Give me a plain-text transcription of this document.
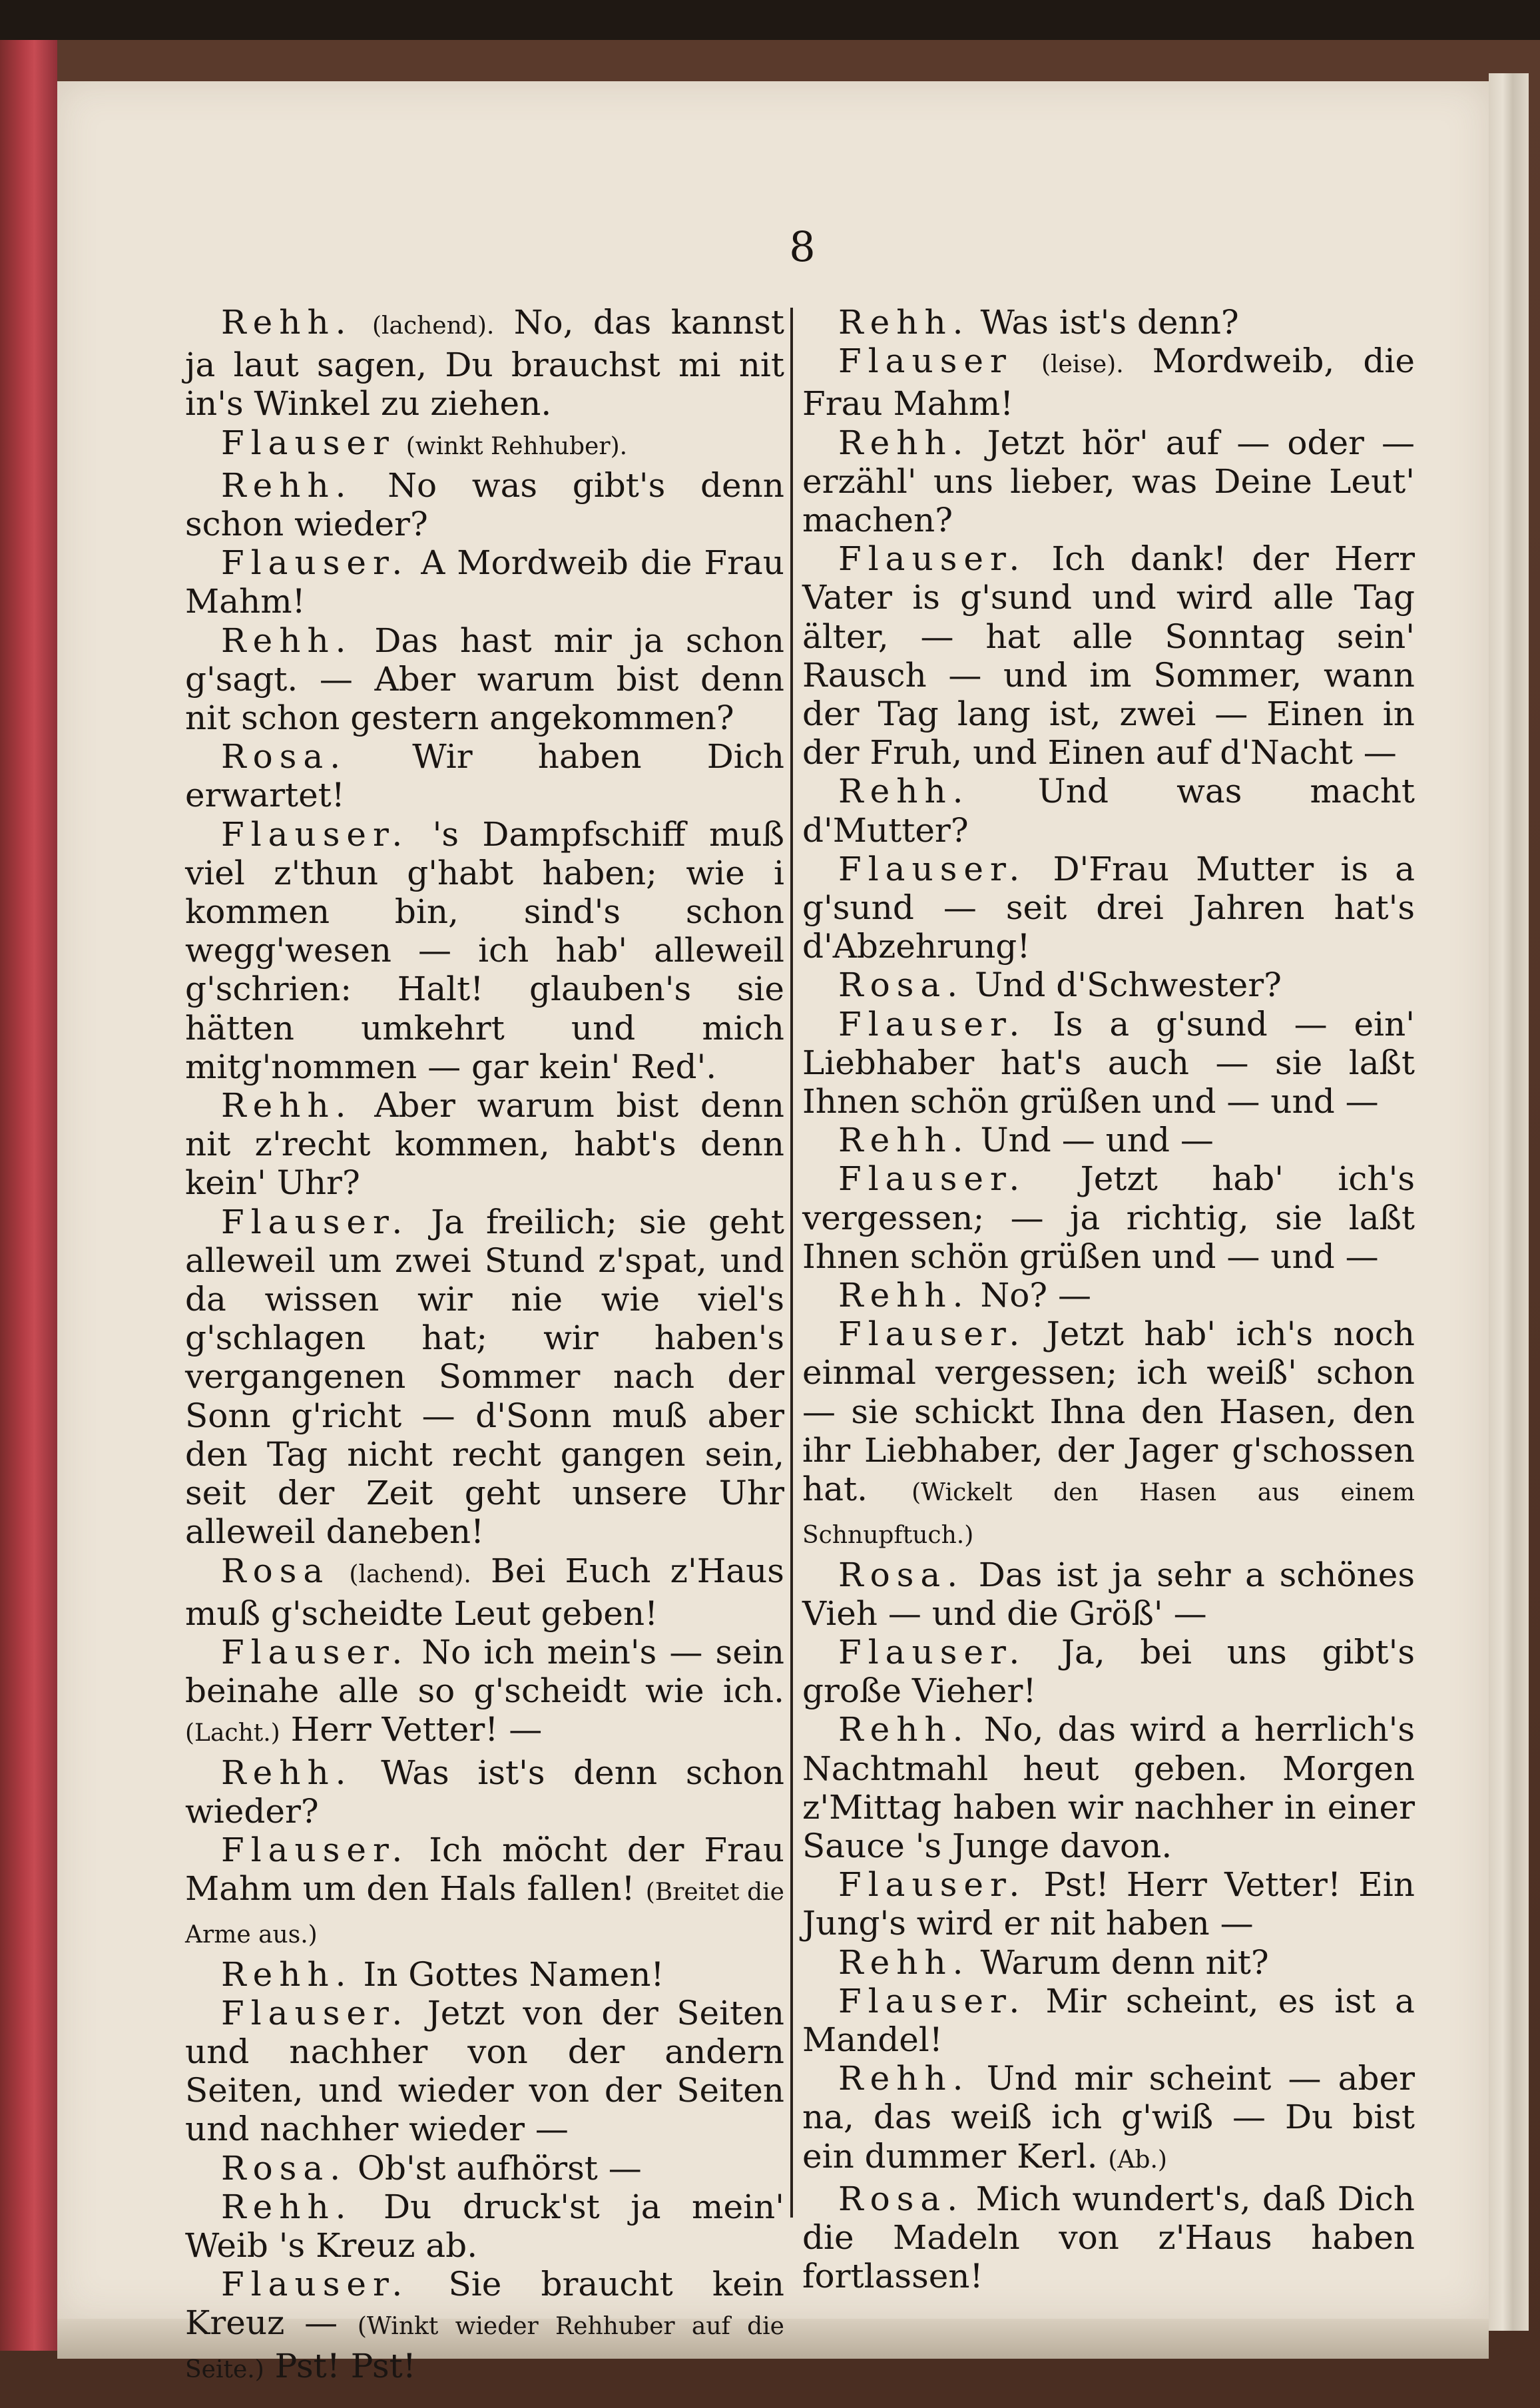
8

Rehh. (lachend). No, das kannst ja laut sagen, Du brauchst mi nit in's Winkel zu ziehen.

Flauser (winkt Rehhuber).

Rehh. No was gibt's denn schon wieder?

Flauser. A Mordweib die Frau Mahm!

Rehh. Das hast mir ja schon g'sagt. — Aber warum bist denn nit schon gestern angekommen?

Rosa. Wir haben Dich erwartet!

Flauser. 's Dampfschiff muß viel z'thun g'habt haben; wie i kommen bin, sind's schon wegg'wesen — ich hab' alleweil g'schrien: Halt! glauben's sie hätten umkehrt und mich mitg'nommen — gar kein' Red'.

Rehh. Aber warum bist denn nit z'recht kommen, habt's denn kein' Uhr?

Flauser. Ja freilich; sie geht alleweil um zwei Stund z'spat, und da wissen wir nie wie viel's g'schlagen hat; wir haben's vergangenen Sommer nach der Sonn g'richt — d'Sonn muß aber den Tag nicht recht gangen sein, seit der Zeit geht unsere Uhr alleweil daneben!

Rosa (lachend). Bei Euch z'Haus muß g'scheidte Leut geben!

Flauser. No ich mein's — sein beinahe alle so g'scheidt wie ich. (Lacht.) Herr Vetter! —

Rehh. Was ist's denn schon wieder?

Flauser. Ich möcht der Frau Mahm um den Hals fallen! (Breitet die Arme aus.)

Rehh. In Gottes Namen!

Flauser. Jetzt von der Seiten und nachher von der andern Seiten, und wieder von der Seiten und nachher wieder —

Rosa. Ob'st aufhörst —

Rehh. Du druck'st ja mein' Weib 's Kreuz ab.

Flauser. Sie braucht kein Kreuz — (Winkt wieder Rehhuber auf die Seite.) Pst! Pst!

Rehh. Was ist's denn?

Flauser (leise). Mordweib, die Frau Mahm!

Rehh. Jetzt hör' auf — oder — erzähl' uns lieber, was Deine Leut' machen?

Flauser. Ich dank! der Herr Vater is g'sund und wird alle Tag älter, — hat alle Sonntag sein' Rausch — und im Sommer, wann der Tag lang ist, zwei — Einen in der Fruh, und Einen auf d'Nacht —

Rehh. Und was macht d'Mutter?

Flauser. D'Frau Mutter is a g'sund — seit drei Jahren hat's d'Abzehrung!

Rosa. Und d'Schwester?

Flauser. Is a g'sund — ein' Liebhaber hat's auch — sie laßt Ihnen schön grüßen und — und —

Rehh. Und — und —

Flauser. Jetzt hab' ich's vergessen; — ja richtig, sie laßt Ihnen schön grüßen und — und —

Rehh. No? —

Flauser. Jetzt hab' ich's noch einmal vergessen; ich weiß' schon — sie schickt Ihna den Hasen, den ihr Liebhaber, der Jager g'schossen hat. (Wickelt den Hasen aus einem Schnupftuch.)

Rosa. Das ist ja sehr a schönes Vieh — und die Größ' —

Flauser. Ja, bei uns gibt's große Vieher!

Rehh. No, das wird a herrlich's Nachtmahl heut geben. Morgen z'Mittag haben wir nachher in einer Sauce 's Junge davon.

Flauser. Pst! Herr Vetter! Ein Jung's wird er nit haben —

Rehh. Warum denn nit?

Flauser. Mir scheint, es ist a Mandel!

Rehh. Und mir scheint — aber na, das weiß ich g'wiß — Du bist ein dummer Kerl. (Ab.)

Rosa. Mich wundert's, daß Dich die Madeln von z'Haus haben fortlassen!
